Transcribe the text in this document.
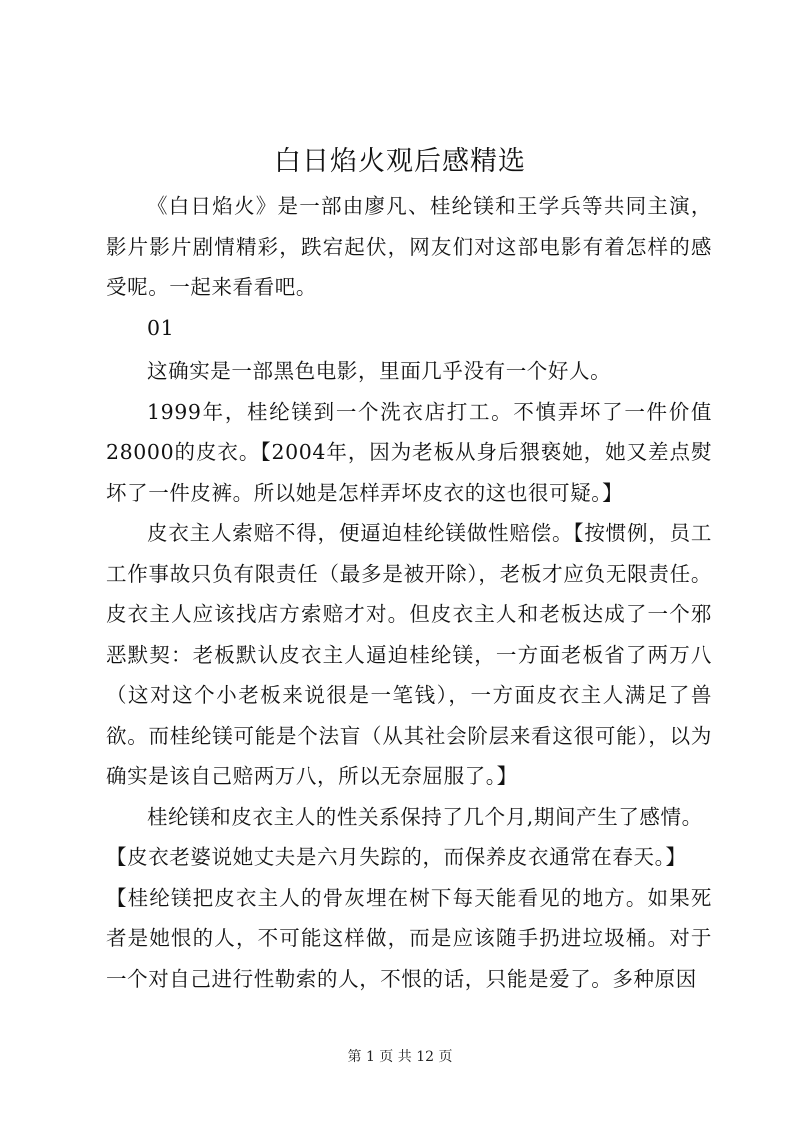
白日焰火观后感精选

《白日焰火》是一部由廖凡、桂纶镁和王学兵等共同主演，影片影片剧情精彩，跌宕起伏，网友们对这部电影有着怎样的感受呢。一起来看看吧。

01

这确实是一部黑色电影，里面几乎没有一个好人。

1999年，桂纶镁到一个洗衣店打工。不慎弄坏了一件价值28000的皮衣。【2004年，因为老板从身后猥亵她，她又差点熨坏了一件皮裤。所以她是怎样弄坏皮衣的这也很可疑。】

皮衣主人索赔不得，便逼迫桂纶镁做性赔偿。【按惯例，员工工作事故只负有限责任（最多是被开除），老板才应负无限责任。皮衣主人应该找店方索赔才对。但皮衣主人和老板达成了一个邪恶默契：老板默认皮衣主人逼迫桂纶镁，一方面老板省了两万八（这对这个小老板来说很是一笔钱），一方面皮衣主人满足了兽欲。而桂纶镁可能是个法盲（从其社会阶层来看这很可能），以为确实是该自己赔两万八，所以无奈屈服了。】

桂纶镁和皮衣主人的性关系保持了几个月,期间产生了感情。

【皮衣老婆说她丈夫是六月失踪的，而保养皮衣通常在春天。】

【桂纶镁把皮衣主人的骨灰埋在树下每天能看见的地方。如果死者是她恨的人，不可能这样做，而是应该随手扔进垃圾桶。对于一个对自己进行性勒索的人，不恨的话，只能是爱了。多种原因

第 1 页 共 12 页
